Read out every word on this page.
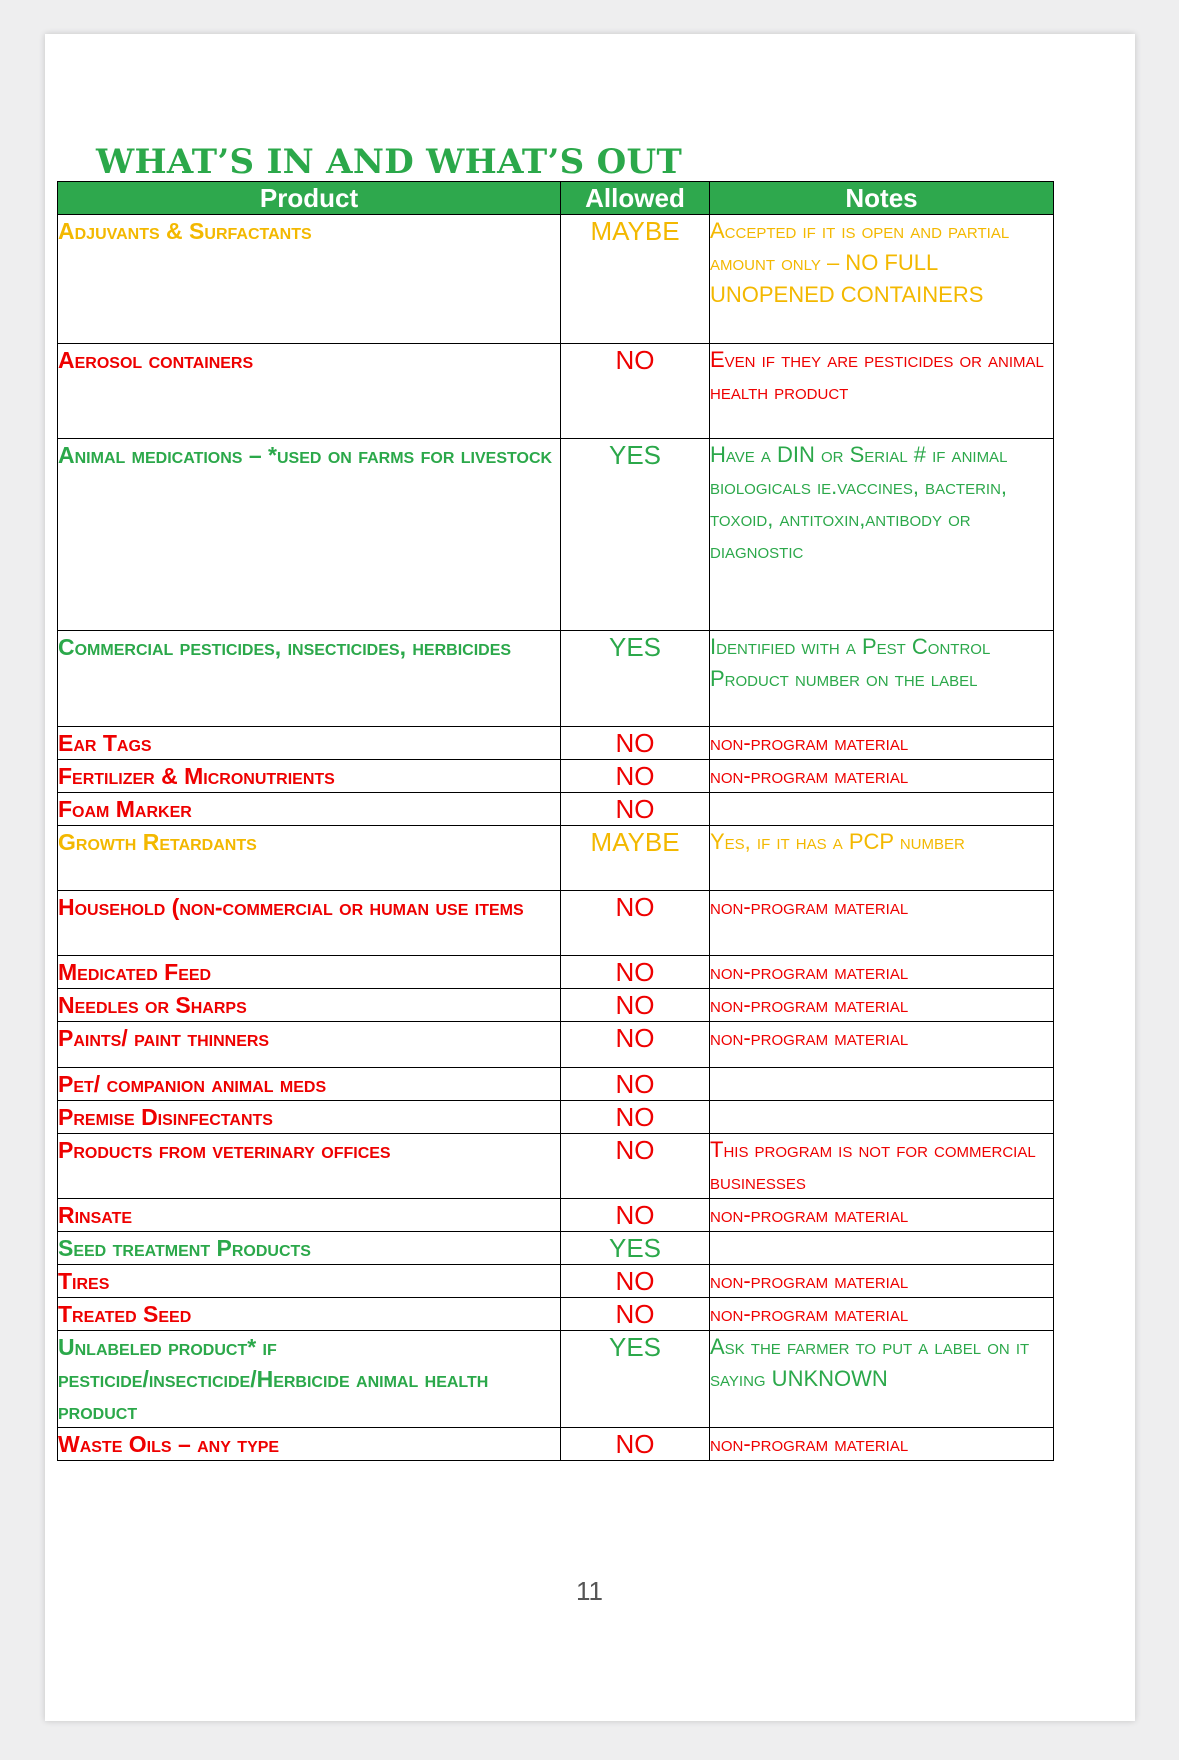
WHAT’S IN AND WHAT’S OUT
Product	Allowed	Notes
Adjuvants & Surfactants	MAYBE	Accepted if it is open and partial amount only – NO FULL UNOPENED CONTAINERS
Aerosol containers	NO	Even if they are pesticides or animal health product
Animal medications – *used on farms for livestock	YES	Have a DIN or Serial # if animal biologicals ie.vaccines, bacterin, toxoid, antitoxin,antibody or diagnostic
Commercial pesticides, insecticides, herbicides	YES	Identified with a Pest Control Product number on the label
Ear Tags	NO	non-program material
Fertilizer & Micronutrients	NO	non-program material
Foam Marker	NO	
Growth Retardants	MAYBE	Yes, if it has a PCP number
Household (non-commercial or human use items	NO	non-program material
Medicated Feed	NO	non-program material
Needles or Sharps	NO	non-program material
Paints/ paint thinners	NO	non-program material
Pet/ companion animal meds	NO	
Premise Disinfectants	NO	
Products from veterinary offices	NO	This program is not for commercial businesses
Rinsate	NO	non-program material
Seed treatment Products	YES	
Tires	NO	non-program material
Treated Seed	NO	non-program material
Unlabeled product* if pesticide/insecticide/Herbicide animal health product	YES	Ask the farmer to put a label on it saying UNKNOWN
Waste Oils – any type	NO	non-program material
11
